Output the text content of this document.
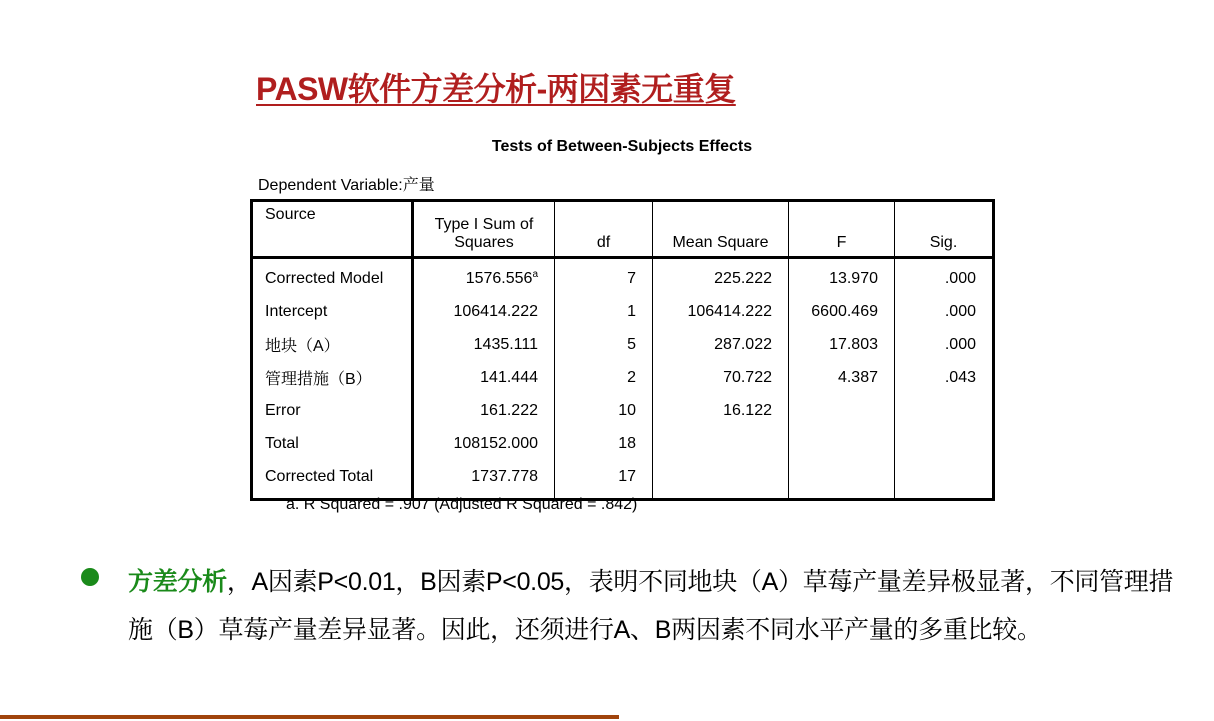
PASW软件方差分析-两因素无重复
Tests of Between-Subjects Effects
Dependent Variable:产量
Source	Type I Sum of Squares	df	Mean Square	F	Sig.
Corrected Model	1576.556$^a$	7	225.222	13.970	.000
Intercept	106414.222	1	106414.222	6600.469	.000
地块（A）	1435.111	5	287.022	17.803	.000
管理措施（B）	141.444	2	70.722	4.387	.043
Error	161.222	10	16.122		
Total	108152.000	18			
Corrected Total	1737.778	17			
a. R Squared = .907 (Adjusted R Squared = .842)
方差分析，A因素P<0.01，B因素P<0.05，表明不同地块（A）草莓产量差异极显著，不同管理措施（B）草莓产量差异显著。因此，还须进行A、B两因素不同水平产量的多重比较。
